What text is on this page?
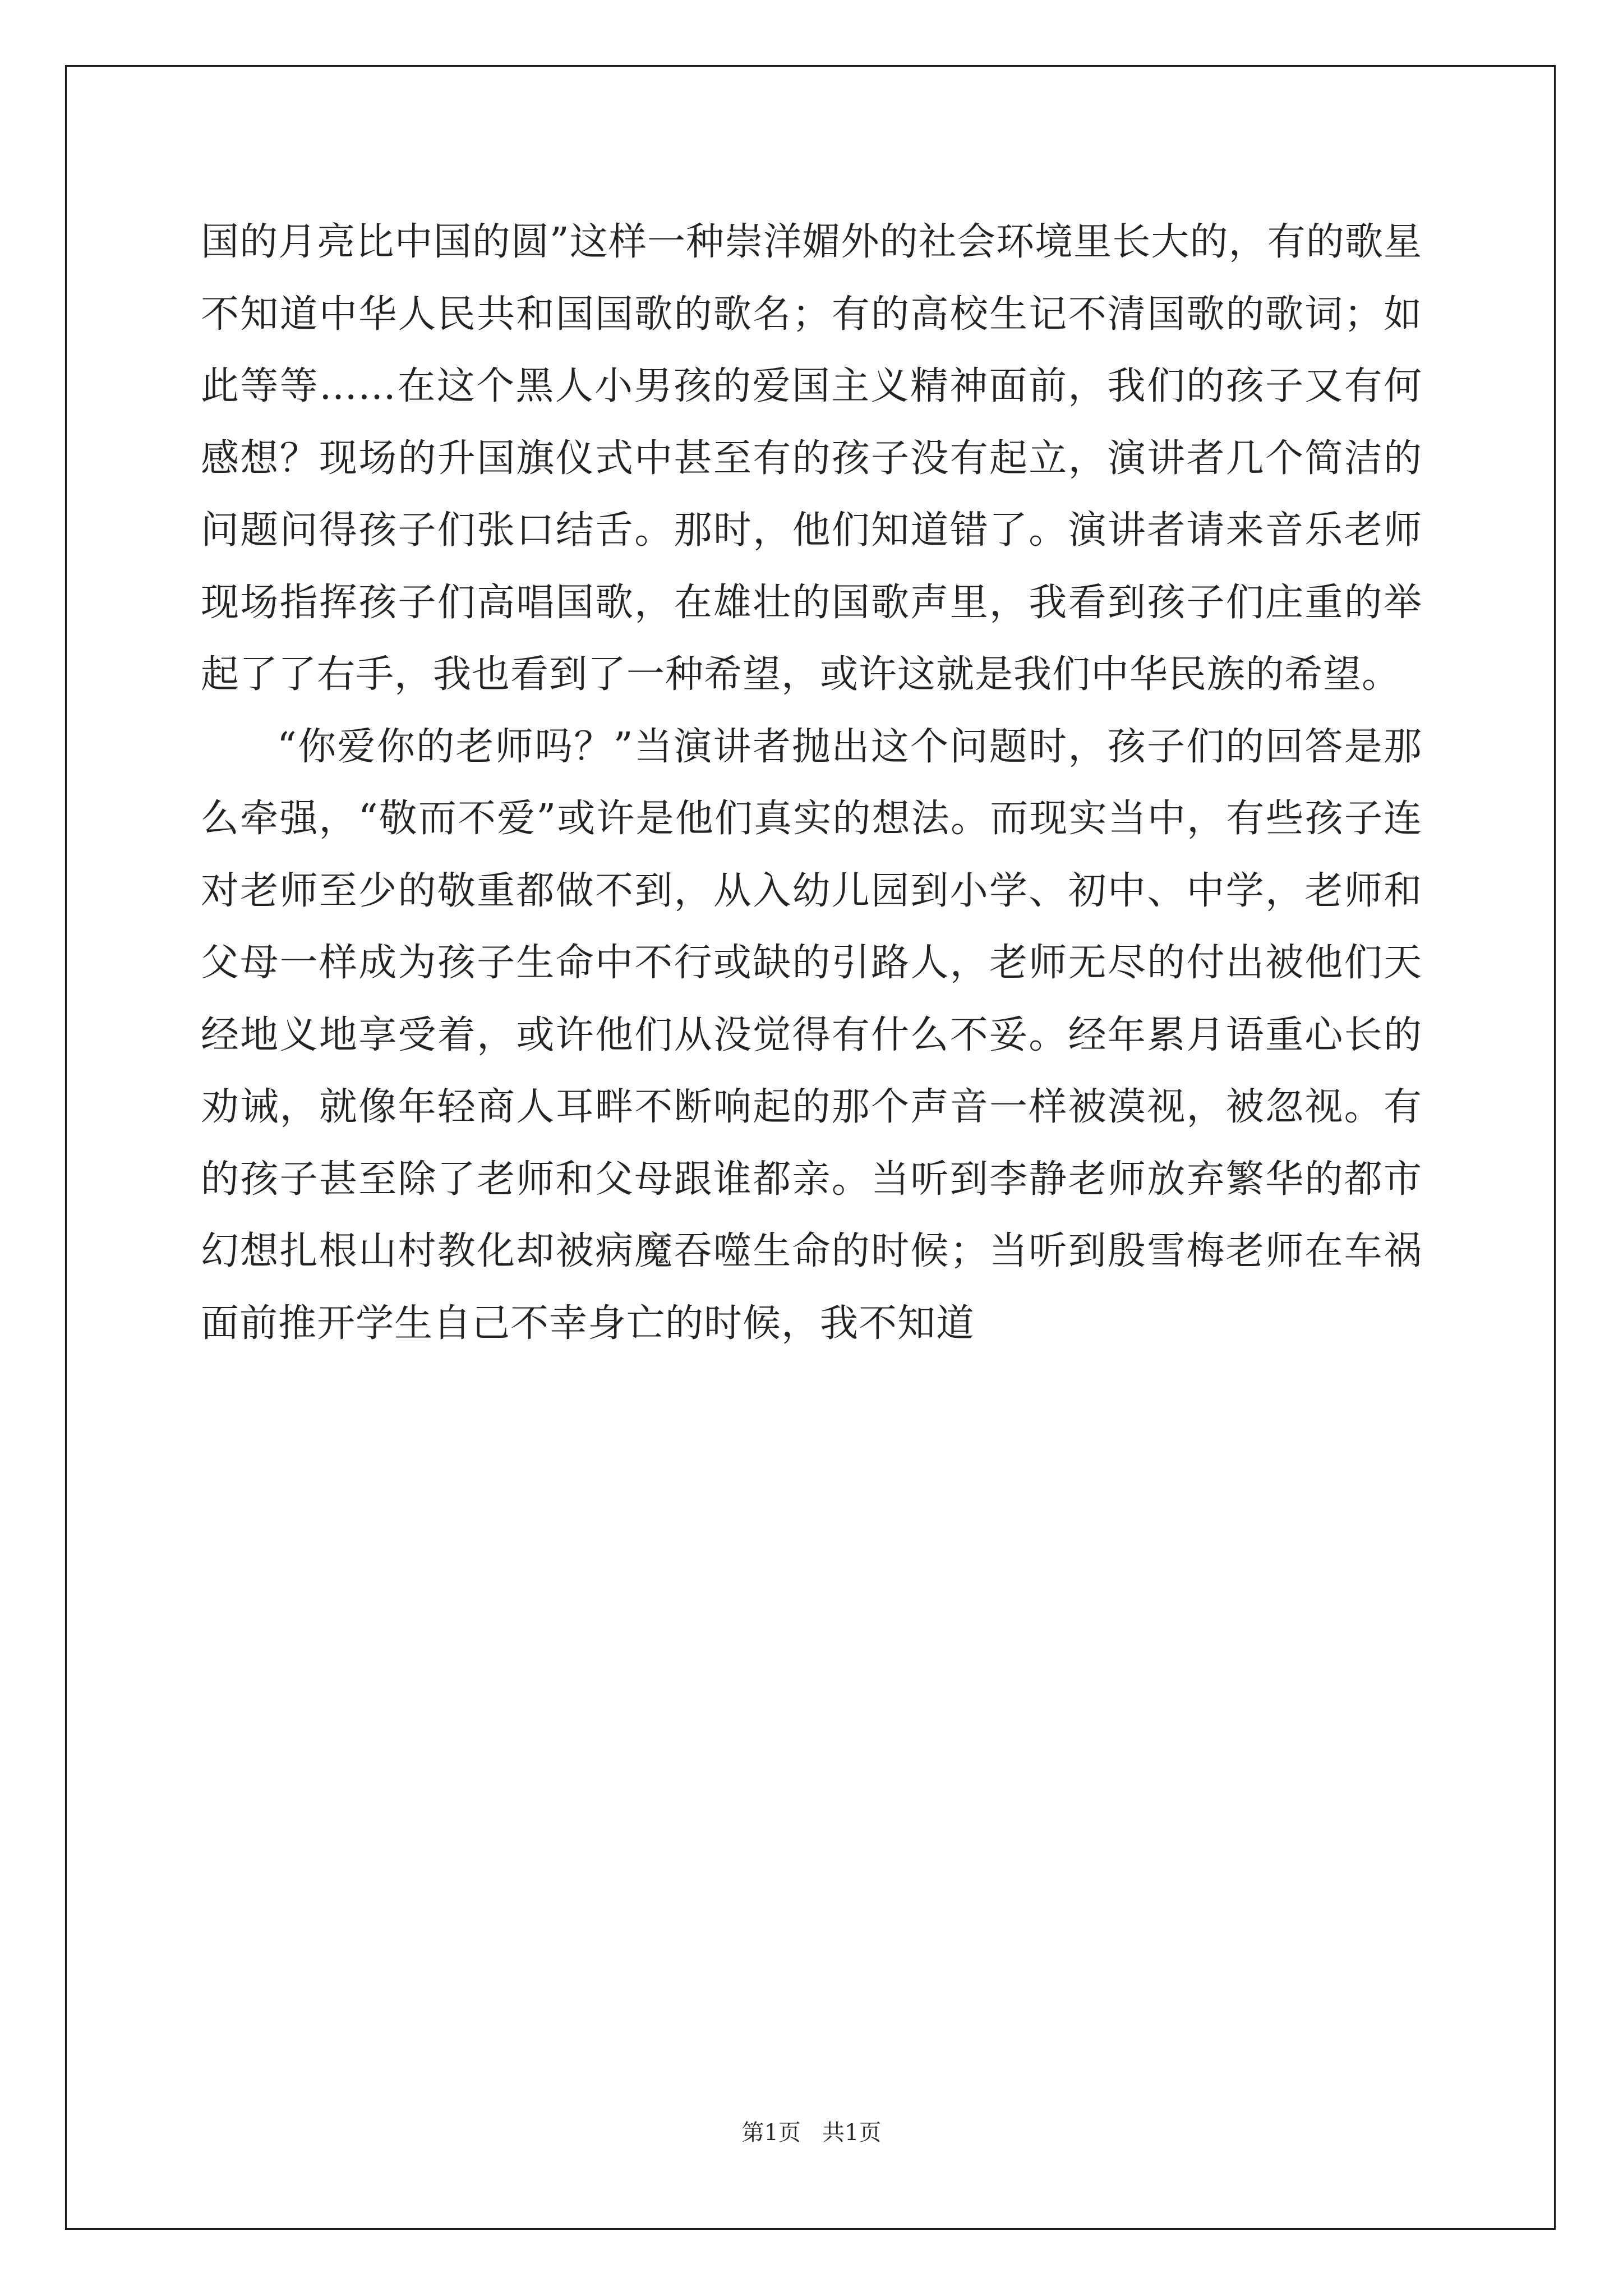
国的月亮比中国的圆”这样一种崇洋媚外的社会环境里长大的，有的歌星不知道中华人民共和国国歌的歌名；有的高校生记不清国歌的歌词；如此等等……在这个黑人小男孩的爱国主义精神面前，我们的孩子又有何感想？现场的升国旗仪式中甚至有的孩子没有起立，演讲者几个简洁的问题问得孩子们张口结舌。那时，他们知道错了。演讲者请来音乐老师现场指挥孩子们高唱国歌，在雄壮的国歌声里，我看到孩子们庄重的举起了了右手，我也看到了一种希望，或许这就是我们中华民族的希望。

“你爱你的老师吗？”当演讲者抛出这个问题时，孩子们的回答是那么牵强，“敬而不爱”或许是他们真实的想法。而现实当中，有些孩子连对老师至少的敬重都做不到，从入幼儿园到小学、初中、中学，老师和父母一样成为孩子生命中不行或缺的引路人，老师无尽的付出被他们天经地义地享受着，或许他们从没觉得有什么不妥。经年累月语重心长的劝诫，就像年轻商人耳畔不断响起的那个声音一样被漠视，被忽视。有的孩子甚至除了老师和父母跟谁都亲。当听到李静老师放弃繁华的都市幻想扎根山村教化却被病魔吞噬生命的时候；当听到殷雪梅老师在车祸面前推开学生自己不幸身亡的时候，我不知道

第1页   共1页
